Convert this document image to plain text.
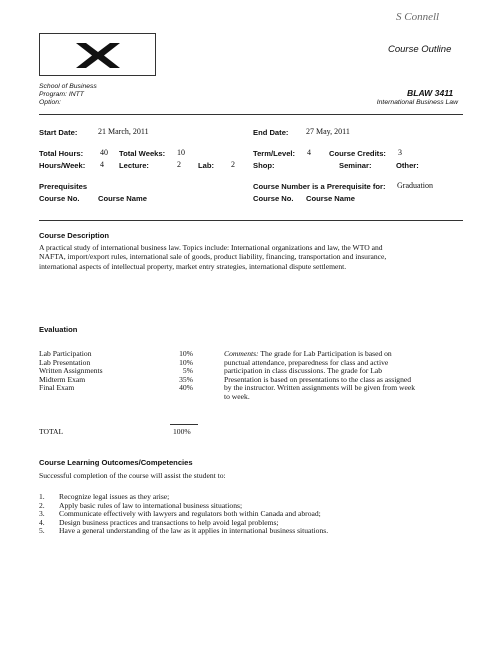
S Connell
Course Outline
School of Business
Program: INTT
Option:
BLAW 3411
International Business Law
Start Date:	21 March, 2011	End Date: 27 May, 2011
Total Hours: 40 Total Weeks: 10	Term/Level: 4 Course Credits: 3
Hours/Week: 4 Lecture:	2 Lab: 2 Shop:	Seminar:	Other:
Prerequisites
Course No. Course Name
Course Number is a Prerequisite for: Graduation
Course No. Course Name
Course Description
A practical study of international business law. Topics include: International organizations and law, the WTO and
NAFTA, import/export rules, international sale of goods, product liability, financing, transportation and insurance,
international aspects of intellectual property, market entry strategies, international dispute settlement.
Evaluation
Lab Participation	10%
Lab Presentation	10%
Written Assignments	5%
Midterm Exam	35%
Final Exam	40%
TOTAL	100%
Comments: The grade for Lab Participation is based on
punctual attendance, preparedness for class and active
participation in class discussions. The grade for Lab
Presentation is based on presentations to the class as assigned
by the instructor. Written assignments will be given from week
to week.
Course Learning Outcomes/Competencies
Successful completion of the course will assist the student to:
1. Recognize legal issues as they arise;
2. Apply basic rules of law to international business situations;
3. Communicate effectively with lawyers and regulators both within Canada and abroad;
4. Design business practices and transactions to help avoid legal problems;
5. Have a general understanding of the law as it applies in international business situations.
